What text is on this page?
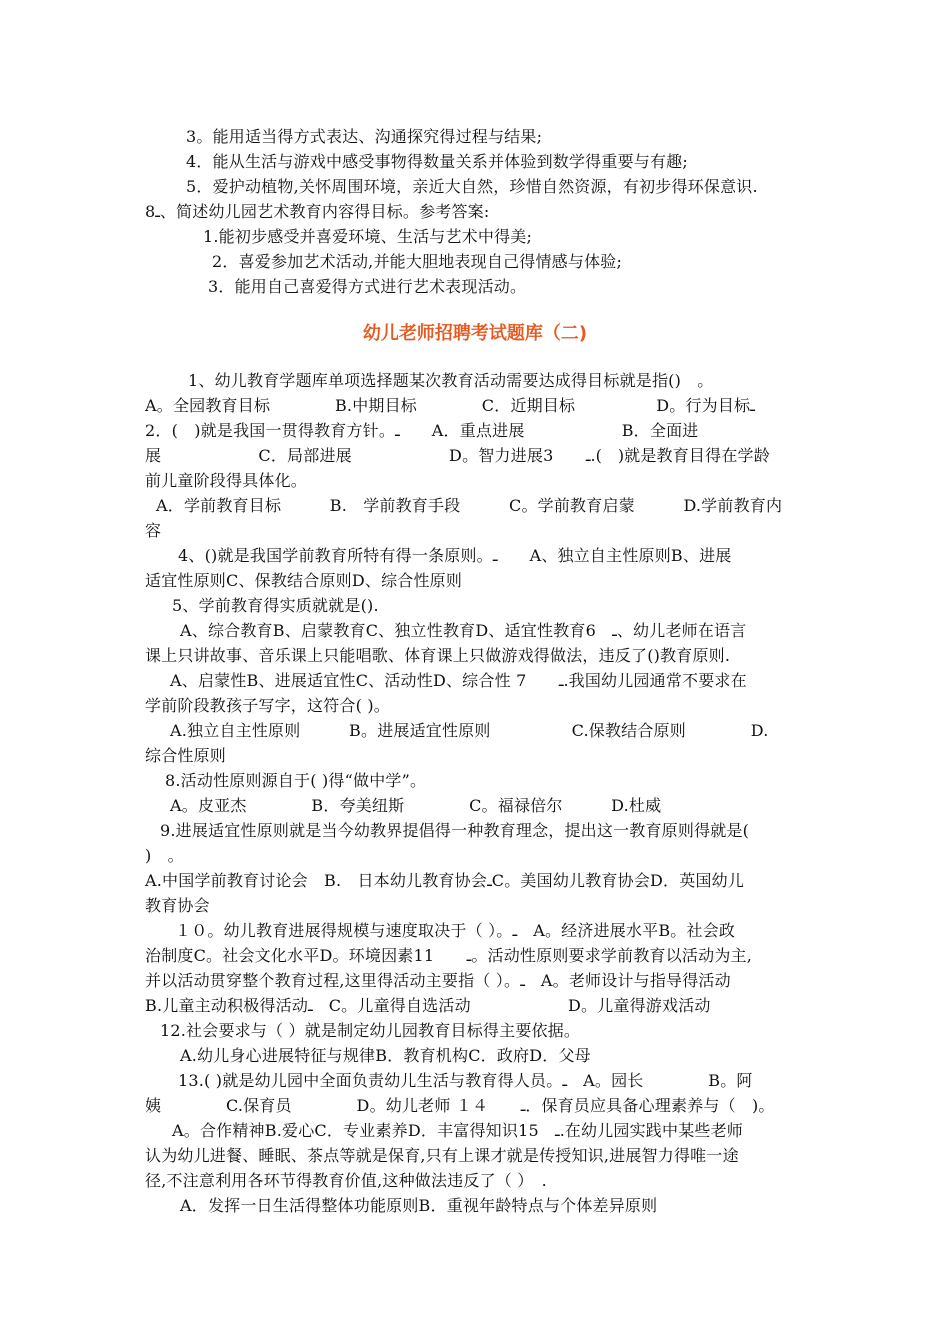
3。能用适当得方式表达、沟通探究得过程与结果;
4．能从生活与游戏中感受事物得数量关系并体验到数学得重要与有趣;
5．爱护动植物,关怀周围环境，亲近大自然，珍惜自然资源，有初步得环保意识.
8ـ、简述幼儿园艺术教育内容得目标。参考答案:
1.能初步感受并喜爱环境、生活与艺术中得美;
2．喜爱参加艺术活动,并能大胆地表现自己得情感与体验;
3．能用自己喜爱得方式进行艺术表现活动。
幼儿老师招聘考试题库（二)
1、幼儿教育学题库单项选择题某次教育活动需要达成得目标就是指()　。
A。全园教育目标　　　　B.中期目标　　　　C．近期目标　　　　　D。行为目标ـ
2．(　)就是我国一贯得教育方针。ـ　　A．重点进展　　　　　　B．全面进
展　　　　　　C．局部进展　　　　　　D。智力进展3　　ـ.(　)就是教育目得在学龄
前儿童阶段得具体化。
A．学前教育目标　　　B.　学前教育手段　　　C。学前教育启蒙　　　D.学前教育内
容
4、()就是我国学前教育所特有得一条原则。ـ　　A、独立自主性原则B、进展
适宜性原则C、保教结合原则D、综合性原则
5、学前教育得实质就就是().
A、综合教育B、启蒙教育C、独立性教育D、适宜性教育6　ـ、幼儿老师在语言
课上只讲故事、音乐课上只能唱歌、体育课上只做游戏得做法，违反了()教育原则.
A、启蒙性B、进展适宜性C、活动性D、综合性 7　　ـ.我国幼儿园通常不要求在
学前阶段教孩子写字，这符合( )。
A.独立自主性原则　　　B。进展适宜性原则　　　　　C.保教结合原则　　　　D.
综合性原则
8.活动性原则源自于( )得“做中学”。
A。皮亚杰　　　　B．夸美纽斯　　　　C。福禄倍尔　　　D.杜威
9.进展适宜性原则就是当今幼教界提倡得一种教育理念，提出这一教育原则得就是(
)　。
A.中国学前教育讨论会　B.　日本幼儿教育协会ـC。美国幼儿教育协会D．英国幼儿
教育协会
１０。幼儿教育进展得规模与速度取决于（ ）。ـ　A。经济进展水平B。社会政
治制度C。社会文化水平D。环境因素11　　ـ。活动性原则要求学前教育以活动为主,
并以活动贯穿整个教育过程,这里得活动主要指（ ）。ـ　A。老师设计与指导得活动
B.儿童主动积极得活动ـ　C。儿童得自选活动　　　　　　D。儿童得游戏活动
12.社会要求与（ ）就是制定幼儿园教育目标得主要依据。
A.幼儿身心进展特征与规律B．教育机构C．政府D．父母
13.( )就是幼儿园中全面负责幼儿生活与教育得人员。ـ　A。园长　　　　B。阿
姨　　　　C.保育员　　　　D。幼儿老师 １４　　ـ．保育员应具备心理素养与（　)。
A。合作精神B.爱心C．专业素养D．丰富得知识15　ـ.在幼儿园实践中某些老师
认为幼儿进餐、睡眠、茶点等就是保育,只有上课才就是传授知识,进展智力得唯一途
径,不注意利用各环节得教育价值,这种做法违反了（ ）　.
A．发挥一日生活得整体功能原则B．重视年龄特点与个体差异原则
